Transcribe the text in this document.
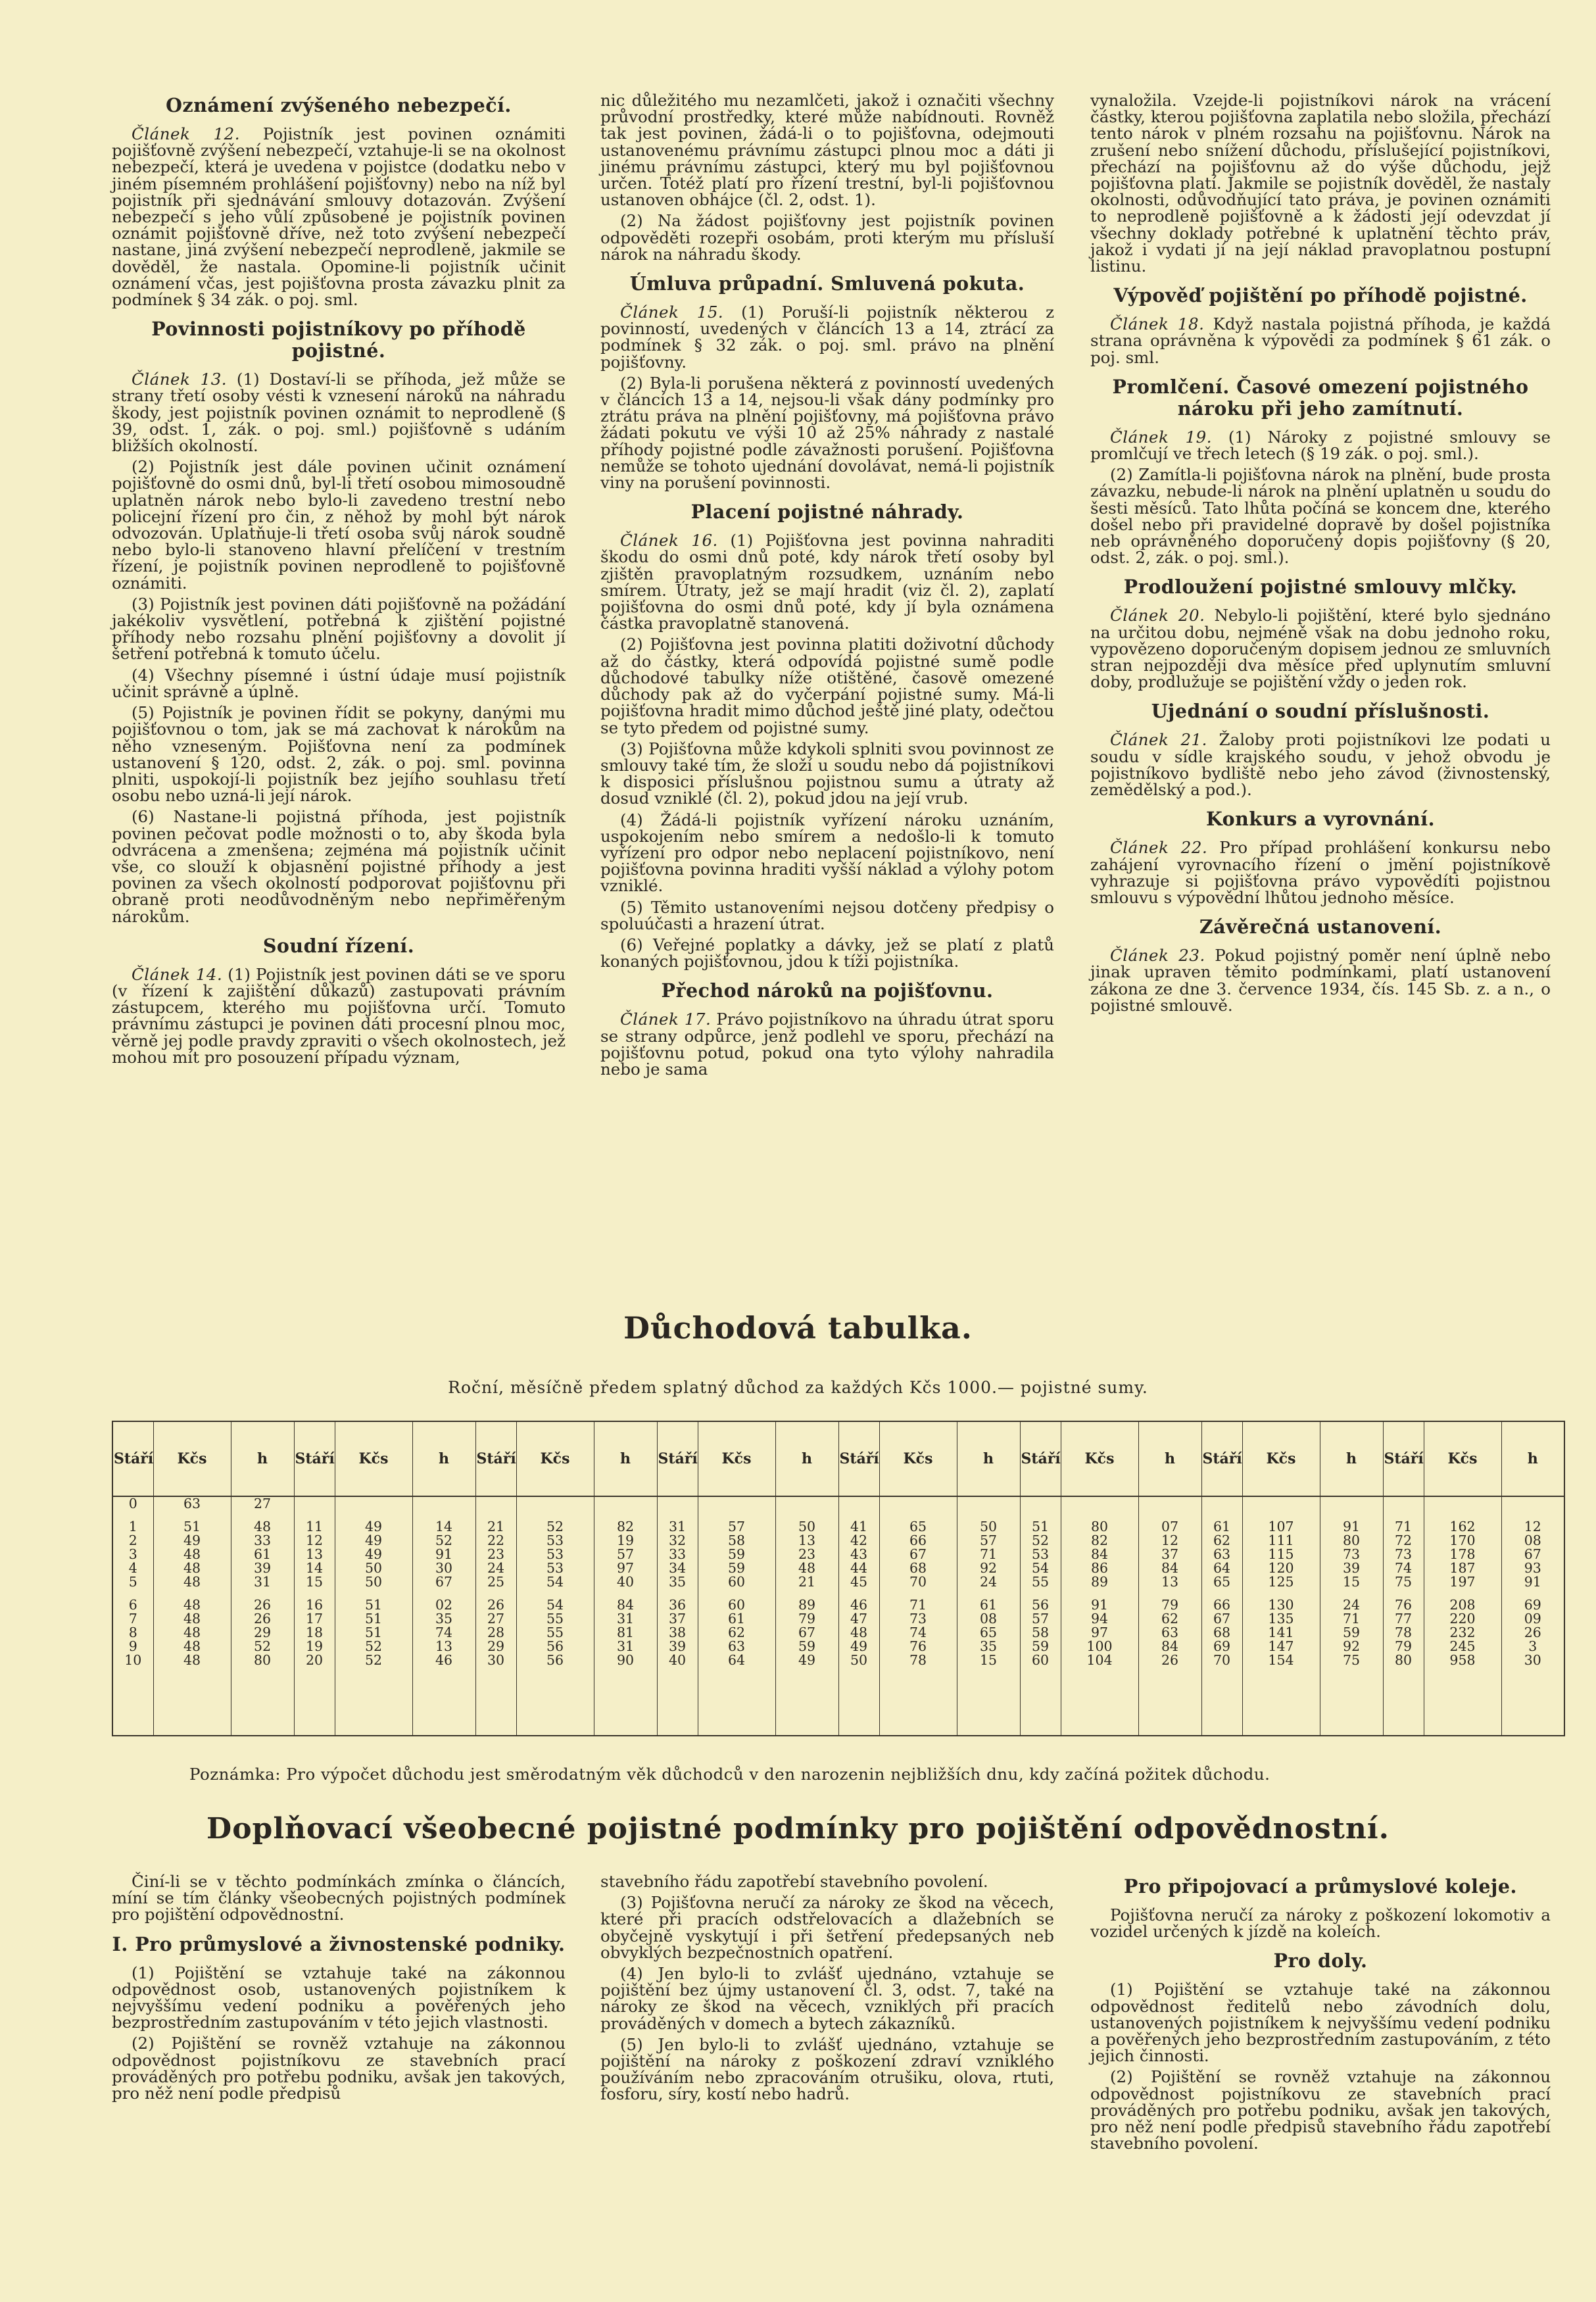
Oznámení zvýšeného nebezpečí.
Článek 12. Pojistník jest povinen oznámiti pojišťovně zvýšení nebezpečí, vztahuje-li se na okolnost nebezpečí, která je uvedena v pojistce (dodatku nebo v jiném písemném prohlášení pojišťovny) nebo na níž byl pojistník při sjednávání smlouvy dotazován. Zvýšení nebezpečí s jeho vůlí způsobené je pojistník povinen oznámit pojišťovně dříve, než toto zvýšení nebezpečí nastane, jiná zvýšení nebezpečí neprodleně, jakmile se dověděl, že nastala. Opomine-li pojistník učinit oznámení včas, jest pojišťovna prosta závazku plnit za podmínek § 34 zák. o poj. sml.
Povinnosti pojistníkovy po příhodě pojistné.
Článek 13. (1) Dostaví-li se příhoda, jež může se strany třetí osoby vésti k vznesení nároků na náhradu škody, jest pojistník povinen oznámit to neprodleně (§ 39, odst. 1, zák. o poj. sml.) pojišťovně s udáním bližších okolností.
(2) Pojistník jest dále povinen učinit oznámení pojišťovně do osmi dnů, byl-li třetí osobou mimosoudně uplatněn nárok nebo bylo-li zavedeno trestní nebo policejní řízení pro čin, z něhož by mohl být nárok odvozován. Uplatňuje-li třetí osoba svůj nárok soudně nebo bylo-li stanoveno hlavní přelíčení v trestním řízení, je pojistník povinen neprodleně to pojišťovně oznámiti.
(3) Pojistník jest povinen dáti pojišťovně na požádání jakékoliv vysvětlení, potřebná k zjištění pojistné příhody nebo rozsahu plnění pojišťovny a dovolit jí šetření potřebná k tomuto účelu.
(4) Všechny písemné i ústní údaje musí pojistník učinit správně a úplně.
(5) Pojistník je povinen řídit se pokyny, danými mu pojišťovnou o tom, jak se má zachovat k nárokům na něho vzneseným. Pojišťovna není za podmínek ustanovení § 120, odst. 2, zák. o poj. sml. povinna plniti, uspokojí-li pojistník bez jejího souhlasu třetí osobu nebo uzná-li její nárok.
(6) Nastane-li pojistná příhoda, jest pojistník povinen pečovat podle možnosti o to, aby škoda byla odvrácena a zmenšena; zejména má pojistník učinit vše, co slouží k objasnění pojistné příhody a jest povinen za všech okolností podporovat pojišťovnu při obraně proti neodůvodněným nebo nepřiměřeným nárokům.
Soudní řízení.
Článek 14. (1) Pojistník jest povinen dáti se ve sporu (v řízení k zajištění důkazů) zastupovati právním zástupcem, kterého mu pojišťovna určí. Tomuto právnímu zástupci je povinen dáti procesní plnou moc, věrně jej podle pravdy zpraviti o všech okolnostech, jež mohou mít pro posouzení případu význam,
nic důležitého mu nezamlčeti, jakož i označiti všechny průvodní prostředky, které může nabídnouti. Rovněž tak jest povinen, žádá-li o to pojišťovna, odejmouti ustanovenému právnímu zástupci plnou moc a dáti ji jinému právnímu zástupci, který mu byl pojišťovnou určen. Totéž platí pro řízení trestní, byl-li pojišťovnou ustanoven obhájce (čl. 2, odst. 1).
(2) Na žádost pojišťovny jest pojistník povinen odpověděti rozepři osobám, proti kterým mu přísluší nárok na náhradu škody.
Úmluva průpadní. Smluvená pokuta.
Článek 15. (1) Poruší-li pojistník některou z povinností, uvedených v článcích 13 a 14, ztrácí za podmínek § 32 zák. o poj. sml. právo na plnění pojišťovny.
(2) Byla-li porušena některá z povinností uvedených v článcích 13 a 14, nejsou-li však dány podmínky pro ztrátu práva na plnění pojišťovny, má pojišťovna právo žádati pokutu ve výši 10 až 25% náhrady z nastalé příhody pojistné podle závažnosti porušení. Pojišťovna nemůže se tohoto ujednání dovolávat, nemá-li pojistník viny na porušení povinnosti.
Placení pojistné náhrady.
Článek 16. (1) Pojišťovna jest povinna nahraditi škodu do osmi dnů poté, kdy nárok třetí osoby byl zjištěn pravoplatným rozsudkem, uznáním nebo smírem. Útraty, jež se mají hradit (viz čl. 2), zaplatí pojišťovna do osmi dnů poté, kdy jí byla oznámena částka pravoplatně stanovená.
(2) Pojišťovna jest povinna platiti doživotní důchody až do částky, která odpovídá pojistné sumě podle důchodové tabulky níže otištěné, časově omezené důchody pak až do vyčerpání pojistné sumy. Má-li pojišťovna hradit mimo důchod ještě jiné platy, odečtou se tyto předem od pojistné sumy.
(3) Pojišťovna může kdykoli splniti svou povinnost ze smlouvy také tím, že složí u soudu nebo dá pojistníkovi k disposici příslušnou pojistnou sumu a útraty až dosud vzniklé (čl. 2), pokud jdou na její vrub.
(4) Žádá-li pojistník vyřízení nároku uznáním, uspokojením nebo smírem a nedošlo-li k tomuto vyřízení pro odpor nebo neplacení pojistníkovo, není pojišťovna povinna hraditi vyšší náklad a výlohy potom vzniklé.
(5) Těmito ustanoveními nejsou dotčeny předpisy o spoluúčasti a hrazení útrat.
(6) Veřejné poplatky a dávky, jež se platí z platů konaných pojišťovnou, jdou k tíži pojistníka.
Přechod nároků na pojišťovnu.
Článek 17. Právo pojistníkovo na úhradu útrat sporu se strany odpůrce, jenž podlehl ve sporu, přechází na pojišťovnu potud, pokud ona tyto výlohy nahradila nebo je sama
vynaložila. Vzejde-li pojistníkovi nárok na vrácení částky, kterou pojišťovna zaplatila nebo složila, přechází tento nárok v plném rozsahu na pojišťovnu. Nárok na zrušení nebo snížení důchodu, příslušející pojistníkovi, přechází na pojišťovnu až do výše důchodu, jejž pojišťovna platí. Jakmile se pojistník dověděl, že nastaly okolnosti, odůvodňující tato práva, je povinen oznámiti to neprodleně pojišťovně a k žádosti její odevzdat jí všechny doklady potřebné k uplatnění těchto práv, jakož i vydati jí na její náklad pravoplatnou postupní listinu.
Výpověď pojištění po příhodě pojistné.
Článek 18. Když nastala pojistná příhoda, je každá strana oprávněna k výpovědi za podmínek § 61 zák. o poj. sml.
Promlčení. Časové omezení pojistného nároku při jeho zamítnutí.
Článek 19. (1) Nároky z pojistné smlouvy se promlčují ve třech letech (§ 19 zák. o poj. sml.).
(2) Zamítla-li pojišťovna nárok na plnění, bude prosta závazku, nebude-li nárok na plnění uplatněn u soudu do šesti měsíců. Tato lhůta počíná se koncem dne, kterého došel nebo při pravidelné dopravě by došel pojistníka neb oprávněného doporučený dopis pojišťovny (§ 20, odst. 2, zák. o poj. sml.).
Prodloužení pojistné smlouvy mlčky.
Článek 20. Nebylo-li pojištění, které bylo sjednáno na určitou dobu, nejméně však na dobu jednoho roku, vypovězeno doporučeným dopisem jednou ze smluvních stran nejpozději dva měsíce před uplynutím smluvní doby, prodlužuje se pojištění vždy o jeden rok.
Ujednání o soudní příslušnosti.
Článek 21. Žaloby proti pojistníkovi lze podati u soudu v sídle krajského soudu, v jehož obvodu je pojistníkovo bydliště nebo jeho závod (živnostenský, zemědělský a pod.).
Konkurs a vyrovnání.
Článek 22. Pro případ prohlášení konkursu nebo zahájení vyrovnacího řízení o jmění pojistníkově vyhrazuje si pojišťovna právo vypovědíti pojistnou smlouvu s výpovědní lhůtou jednoho měsíce.
Závěrečná ustanovení.
Článek 23. Pokud pojistný poměr není úplně nebo jinak upraven těmito podmínkami, platí ustanovení zákona ze dne 3. července 1934, čís. 145 Sb. z. a n., o pojistné smlouvě.
Důchodová tabulka.
Roční, měsíčně předem splatný důchod za každých Kčs 1000.— pojistné sumy.
Stáří	Kčs	h	Stáří	Kčs	h	Stáří	Kčs	h	Stáří	Kčs	h	Stáří	Kčs	h	Stáří	Kčs	h	Stáří	Kčs	h	Stáří	Kčs	h
0	63	27																					
1	51	48	11	49	14	21	52	82	31	57	50	41	65	50	51	80	07	61	107	91	71	162	12
2	49	33	12	49	52	22	53	19	32	58	13	42	66	57	52	82	12	62	111	80	72	170	08
3	48	61	13	49	91	23	53	57	33	59	23	43	67	71	53	84	37	63	115	73	73	178	67
4	48	39	14	50	30	24	53	97	34	59	48	44	68	92	54	86	84	64	120	39	74	187	93
5	48	31	15	50	67	25	54	40	35	60	21	45	70	24	55	89	13	65	125	15	75	197	91
6	48	26	16	51	02	26	54	84	36	60	89	46	71	61	56	91	79	66	130	24	76	208	69
7	48	26	17	51	35	27	55	31	37	61	79	47	73	08	57	94	62	67	135	71	77	220	09
8	48	29	18	51	74	28	55	81	38	62	67	48	74	65	58	97	63	68	141	59	78	232	26
9	48	52	19	52	13	29	56	31	39	63	59	49	76	35	59	100	84	69	147	92	79	245	3
10	48	80	20	52	46	30	56	90	40	64	49	50	78	15	60	104	26	70	154	75	80	958	30

Poznámka: Pro výpočet důchodu jest směrodatným věk důchodců v den narozenin nejbližších dnu, kdy začíná požitek důchodu.
Doplňovací všeobecné pojistné podmínky pro pojištění odpovědnostní.
Činí-li se v těchto podmínkách zmínka o článcích, míní se tím články všeobecných pojistných podmínek pro pojištění odpovědnostní.
I. Pro průmyslové a živnostenské podniky.
(1) Pojištění se vztahuje také na zákonnou odpovědnost osob, ustanovených pojistníkem k nejvyššímu vedení podniku a pověřených jeho bezprostředním zastupováním v této jejich vlastnosti.
(2) Pojištění se rovněž vztahuje na zákonnou odpovědnost pojistníkovu ze stavebních prací prováděných pro potřebu podniku, avšak jen takových, pro něž není podle předpisů
stavebního řádu zapotřebí stavebního povolení.
(3) Pojišťovna neručí za nároky ze škod na věcech, které při pracích odstřelovacích a dlažebních se obyčejně vyskytují i při šetření předepsaných neb obvyklých bezpečnostních opatření.
(4) Jen bylo-li to zvlášť ujednáno, vztahuje se pojištění bez újmy ustanovení čl. 3, odst. 7, také na nároky ze škod na věcech, vzniklých při pracích prováděných v domech a bytech zákazníků.
(5) Jen bylo-li to zvlášť ujednáno, vztahuje se pojištění na nároky z poškození zdraví vzniklého používáním nebo zpracováním otrušiku, olova, rtuti, fosforu, síry, kostí nebo hadrů.
Pro připojovací a průmyslové koleje.
Pojišťovna neručí za nároky z poškození lokomotiv a vozidel určených k jízdě na koleích.
Pro doly.
(1) Pojištění se vztahuje také na zákonnou odpovědnost ředitelů nebo závodních dolu, ustanovených pojistníkem k nejvyššímu vedení podniku a pověřených jeho bezprostředním zastupováním, z této jejich činnosti.
(2) Pojištění se rovněž vztahuje na zákonnou odpovědnost pojistníkovu ze stavebních prací prováděných pro potřebu podniku, avšak jen takových, pro něž není podle předpisů stavebního řádu zapotřebí stavebního povolení.
